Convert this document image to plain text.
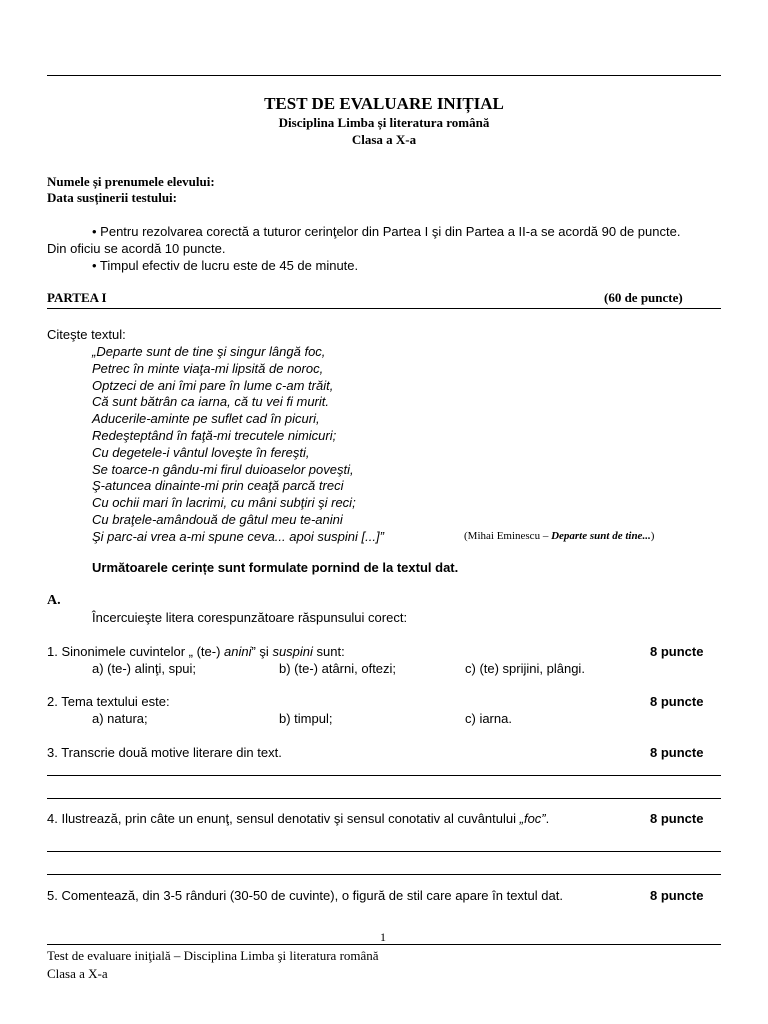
TEST DE EVALUARE INIȚIAL
Disciplina Limba și literatura română
Clasa a X-a
Numele și prenumele elevului:
Data susținerii testului:
• Pentru rezolvarea corectă a tuturor cerinţelor din Partea I şi din Partea a II-a se acordă 90 de puncte.
Din oficiu se acordă 10 puncte.
• Timpul efectiv de lucru este de 45 de minute.
PARTEA I	(60 de puncte)
Citeşte textul:
„Departe sunt de tine şi singur lângă foc,
Petrec în minte viaţa-mi lipsită de noroc,
Optzeci de ani îmi pare în lume c-am trăit,
Că sunt bătrân ca iarna, că tu vei fi murit.
Aducerile-aminte pe suflet cad în picuri,
Redeşteptând în faţă-mi trecutele nimicuri;
Cu degetele-i vântul loveşte în fereşti,
Se toarce-n gându-mi firul duioaselor poveşti,
Ş-atuncea dinainte-mi prin ceaţă parcă treci
Cu ochii mari în lacrimi, cu mâni subţiri şi reci;
Cu braţele-amândouă de gâtul meu te-anini
Şi parc-ai vrea a-mi spune ceva... apoi suspini [...]”	(Mihai Eminescu – Departe sunt de tine...)
Următoarele cerințe sunt formulate pornind de la textul dat.
A.
Încercuieşte litera corespunzătoare răspunsului corect:
1. Sinonimele cuvintelor „ (te-) anini” şi suspini sunt:	8 puncte
a) (te-) alinţi, spui;	b) (te-) atârni, oftezi;	c) (te) sprijini, plângi.
2. Tema textului este:	8 puncte
a) natura;	b) timpul;	c) iarna.
3. Transcrie două motive literare din text.	8 puncte
4. Ilustrează, prin câte un enunţ, sensul denotativ şi sensul conotativ al cuvântului „foc”.	8 puncte
5. Comentează, din 3-5 rânduri (30-50 de cuvinte), o figură de stil care apare în textul dat.	8 puncte
1
Test de evaluare iniţială – Disciplina Limba şi literatura română
Clasa a X-a
